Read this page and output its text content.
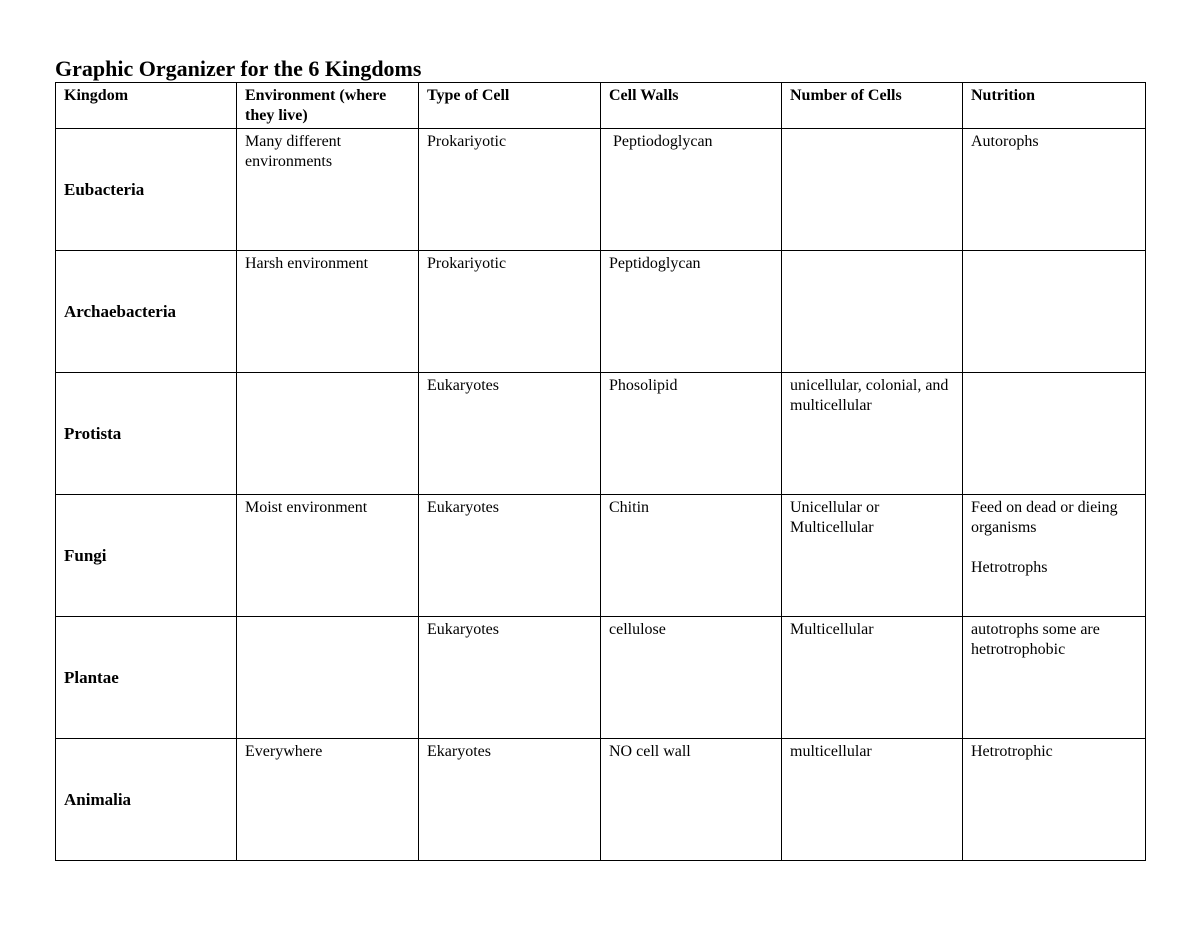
Graphic Organizer for the 6 Kingdoms
Kingdom	Environment (where they live)	Type of Cell	Cell Walls	Number of Cells	Nutrition
Eubacteria	Many different environments	Prokariyotic	Peptiodoglycan		Autorophs

Archaebacteria	Harsh environment	Prokariyotic	Peptidoglycan		

Protista		Eukaryotes	Phosolipid	unicellular, colonial, and multicellular	

Fungi	Moist environment	Eukaryotes	Chitin	Unicellular or Multicellular	Feed on dead or dieing organisms
Hetrotrophs

Plantae		Eukaryotes	cellulose	Multicellular	autotrophs some are hetrotrophobic

Animalia	Everywhere	Ekaryotes	NO cell wall	multicellular	Hetrotrophic
